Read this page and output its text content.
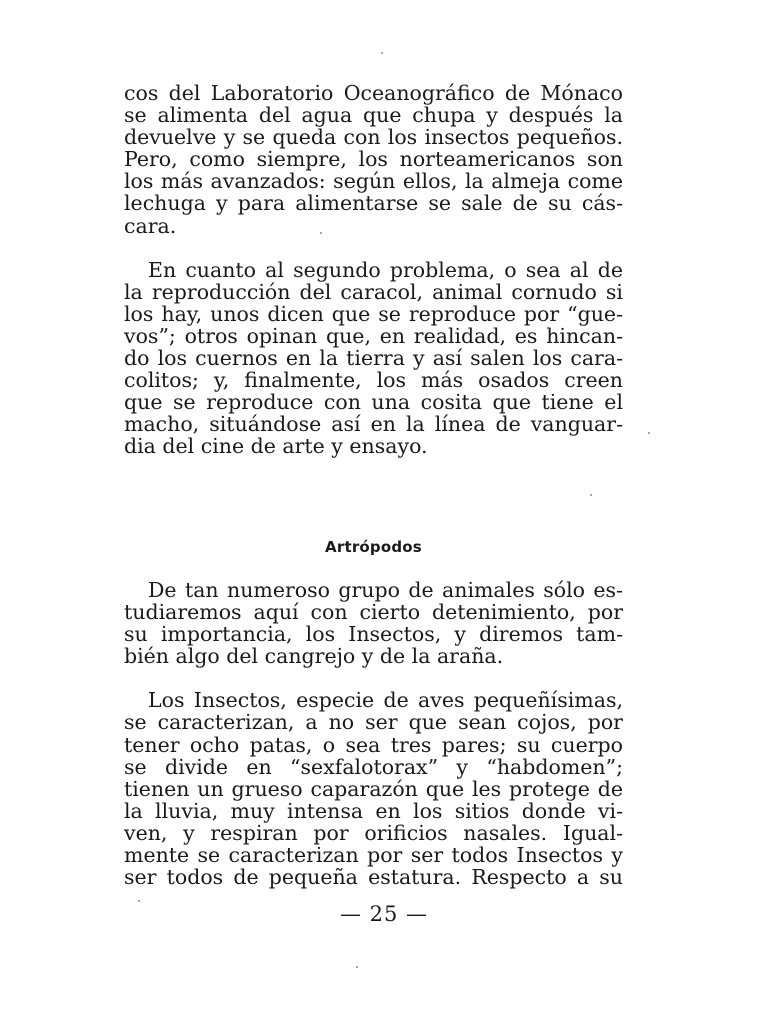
cos del Laboratorio Oceanográfico de Mónaco
se alimenta del agua que chupa y después la
devuelve y se queda con los insectos pequeños.
Pero, como siempre, los norteamericanos son
los más avanzados: según ellos, la almeja come
lechuga y para alimentarse se sale de su cás-
cara.

En cuanto al segundo problema, o sea al de
la reproducción del caracol, animal cornudo si
los hay, unos dicen que se reproduce por “gue-
vos”; otros opinan que, en realidad, es hincan-
do los cuernos en la tierra y así salen los cara-
colitos; y, finalmente, los más osados creen
que se reproduce con una cosita que tiene el
macho, situándose así en la línea de vanguar-
dia del cine de arte y ensayo.

Artrópodos

De tan numeroso grupo de animales sólo es-
tudiaremos aquí con cierto detenimiento, por
su importancia, los Insectos, y diremos tam-
bién algo del cangrejo y de la araña.

Los Insectos, especie de aves pequeñísimas,
se caracterizan, a no ser que sean cojos, por
tener ocho patas, o sea tres pares; su cuerpo
se divide en “sexfalotorax” y “habdomen”;
tienen un grueso caparazón que les protege de
la lluvia, muy intensa en los sitios donde vi-
ven, y respiran por orificios nasales. Igual-
mente se caracterizan por ser todos Insectos y
ser todos de pequeña estatura. Respecto a su

— 25 —
